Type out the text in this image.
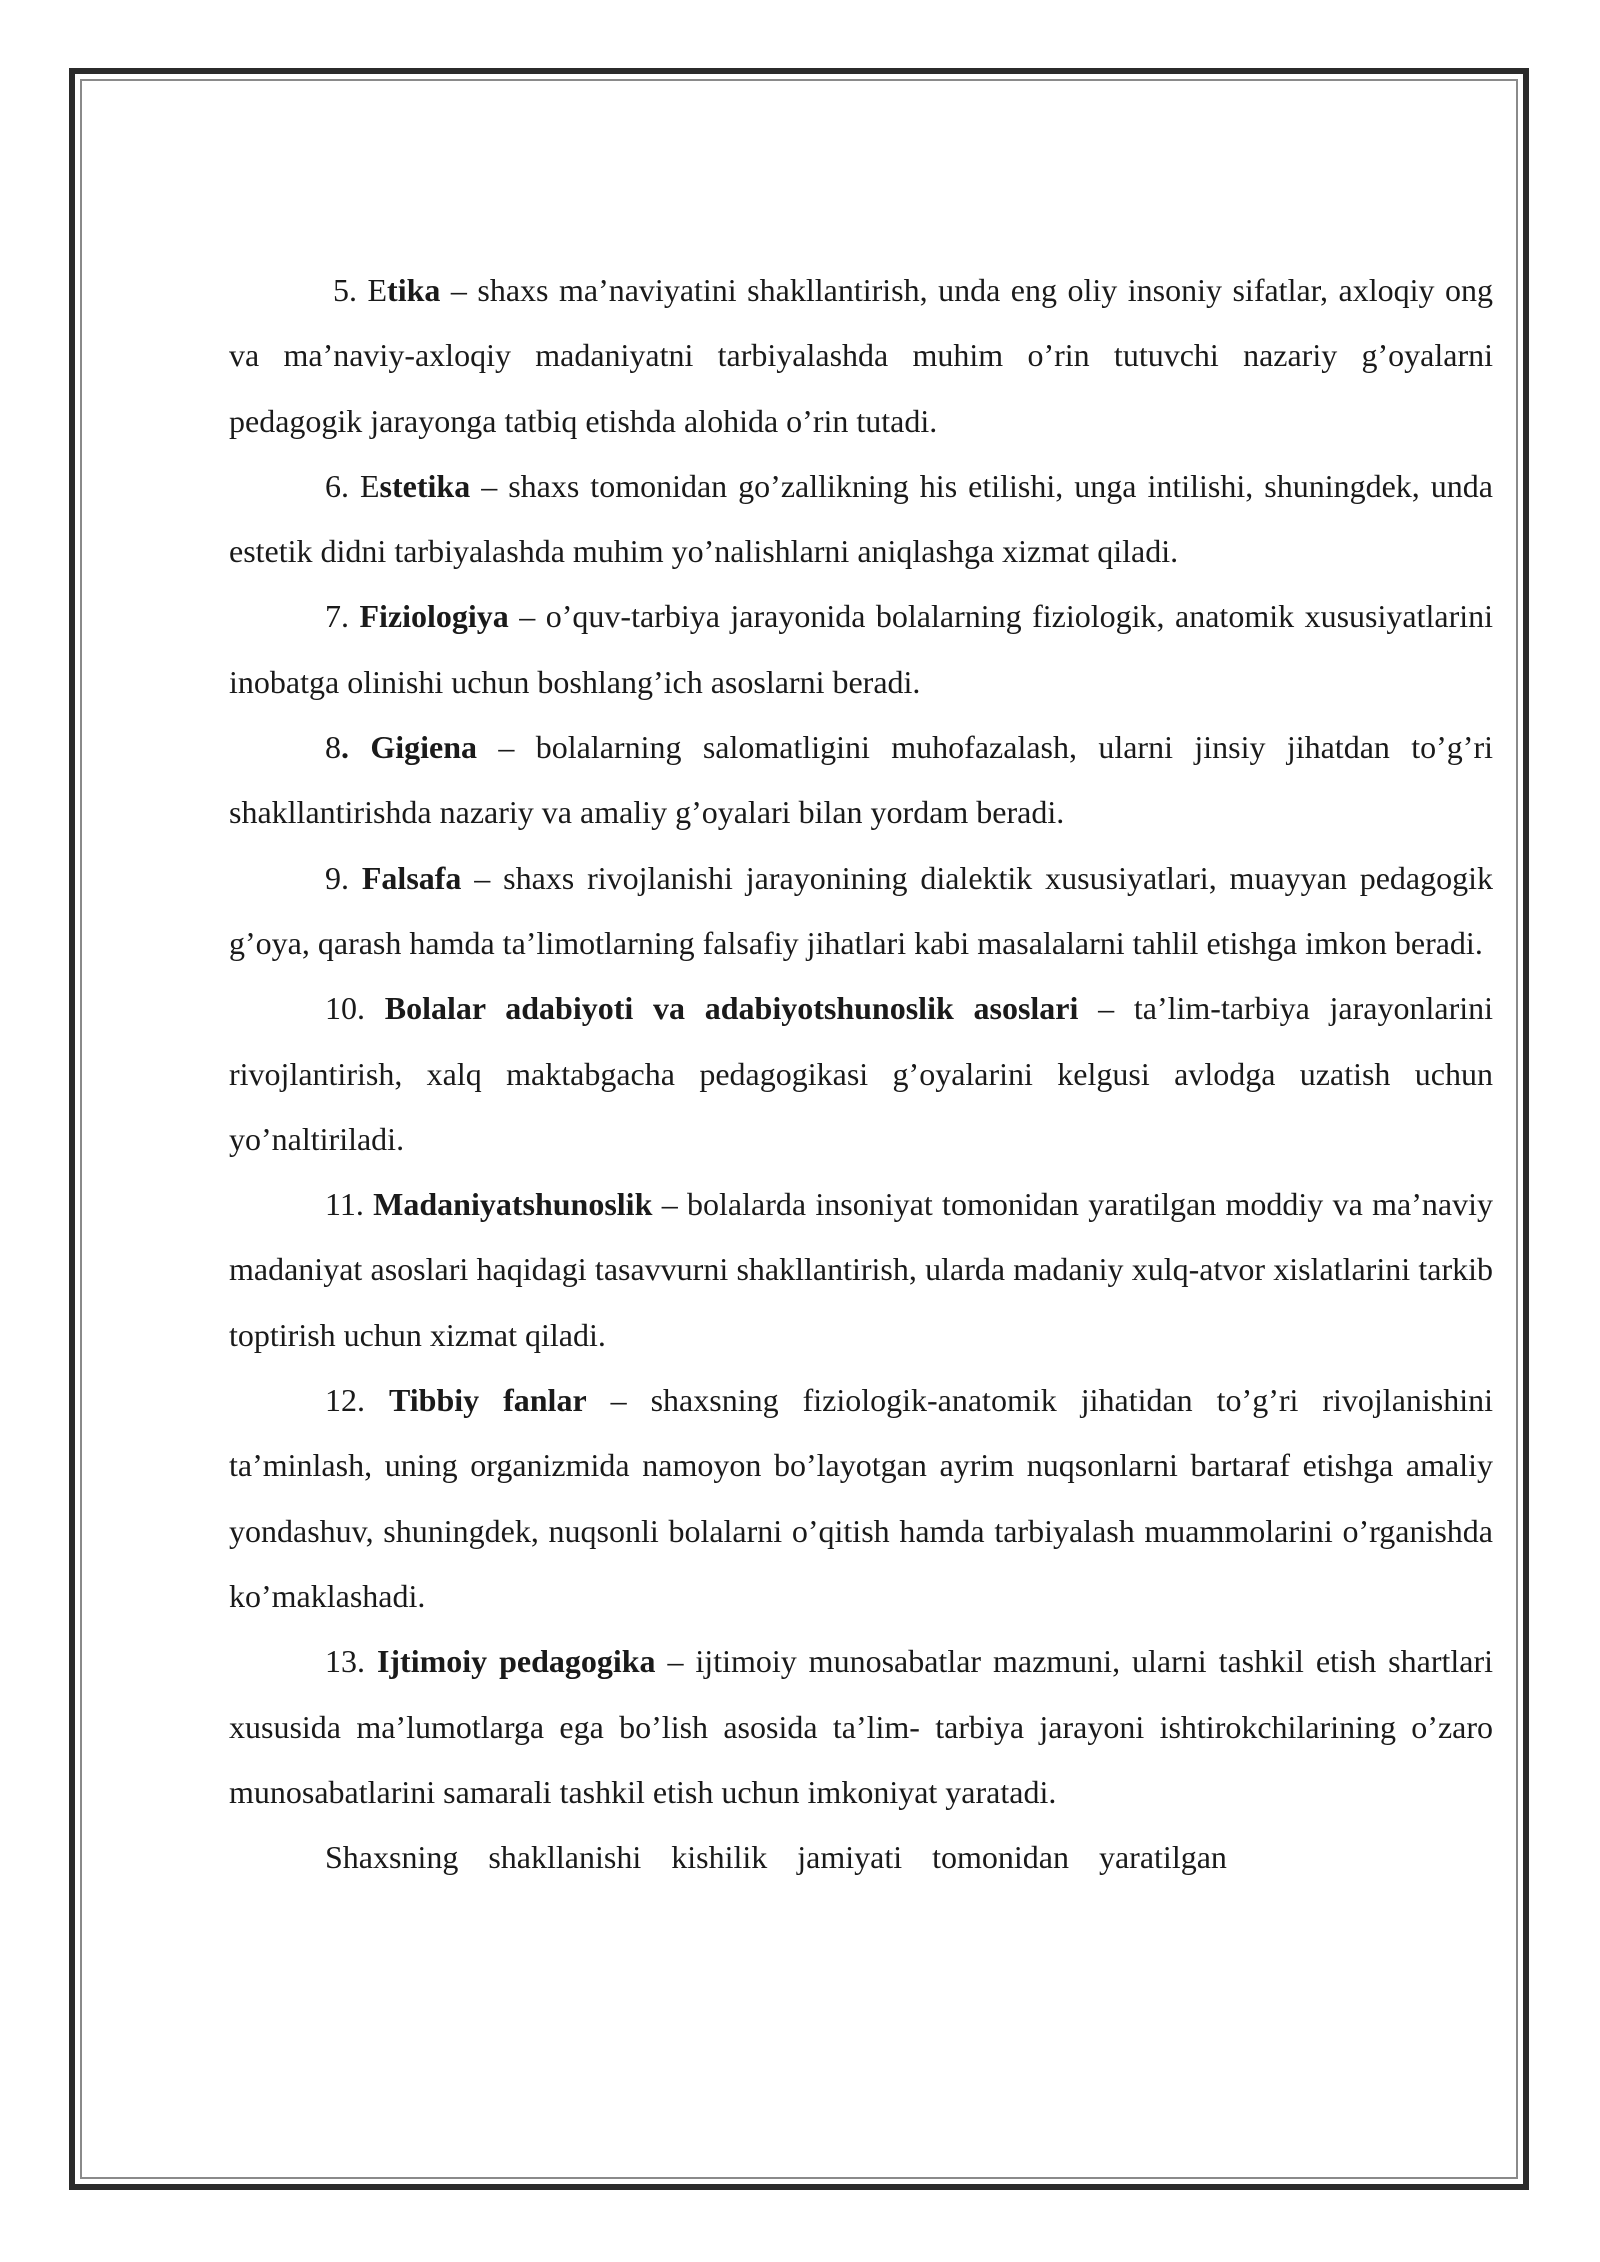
5. Etika – shaxs ma’naviyatini shakllantirish, unda eng oliy insoniy sifatlar, axloqiy ong va ma’naviy-axloqiy madaniyatni tarbiyalashda muhim o’rin tutuvchi nazariy g’oyalarni pedagogik jarayonga tatbiq etishda alohida o’rin tutadi.

6. Estetika – shaxs tomonidan go’zallikning his etilishi, unga intilishi, shuningdek, unda estetik didni tarbiyalashda muhim yo’nalishlarni aniqlashga xizmat qiladi.

7. Fiziologiya – o’quv-tarbiya jarayonida bolalarning fiziologik, anatomik xususiyatlarini inobatga olinishi uchun boshlang’ich asoslarni beradi.

8. Gigiena – bolalarning salomatligini muhofazalash, ularni jinsiy jihatdan to’g’ri shakllantirishda nazariy va amaliy g’oyalari bilan yordam beradi.

9. Falsafa – shaxs rivojlanishi jarayonining dialektik xususiyatlari, muayyan pedagogik g’oya, qarash hamda ta’limotlarning falsafiy jihatlari kabi masalalarni tahlil etishga imkon beradi.

10. Bolalar adabiyoti va adabiyotshunoslik asoslari – ta’lim-tarbiya jarayonlarini rivojlantirish, xalq maktabgacha pedagogikasi g’oyalarini kelgusi avlodga uzatish uchun yo’naltiriladi.

11. Madaniyatshunoslik – bolalarda insoniyat tomonidan yaratilgan moddiy va ma’naviy madaniyat asoslari haqidagi tasavvurni shakllantirish, ularda madaniy xulq-atvor xislatlarini tarkib toptirish uchun xizmat qiladi.

12. Tibbiy fanlar – shaxsning fiziologik-anatomik jihatidan to’g’ri rivojlanishini ta’minlash, uning organizmida namoyon bo’layotgan ayrim nuqsonlarni bartaraf etishga amaliy yondashuv, shuningdek, nuqsonli bolalarni o’qitish hamda tarbiyalash muammolarini o’rganishda ko’maklashadi.

13. Ijtimoiy pedagogika – ijtimoiy munosabatlar mazmuni, ularni tashkil etish shartlari xususida ma’lumotlarga ega bo’lish asosida ta’lim- tarbiya jarayoni ishtirokchilarining o’zaro munosabatlarini samarali tashkil etish uchun imkoniyat yaratadi.

Shaxsning shakllanishi kishilik jamiyati tomonidan yaratilgan
